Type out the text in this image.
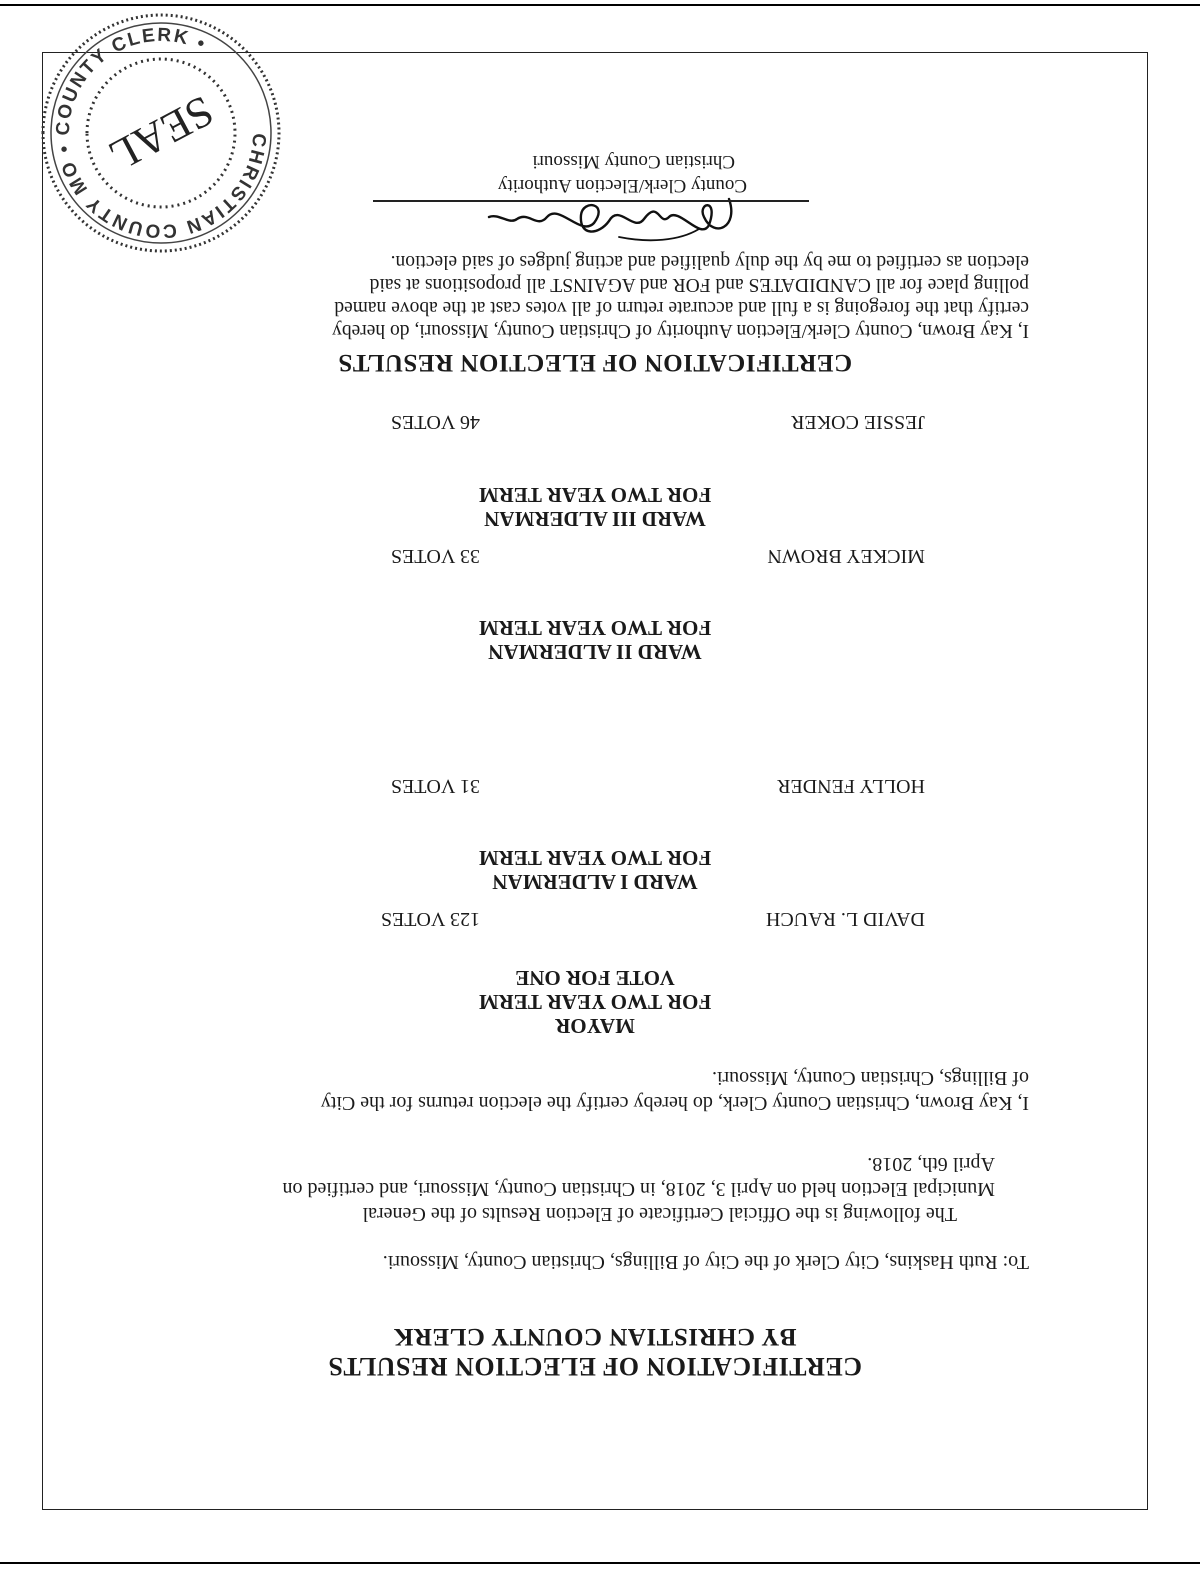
CERTIFICATION OF ELECTION RESULTS
BY CHRISTIAN COUNTY CLERK
To: Ruth Haskins, City Clerk of the City of Billings, Christian County, Missouri.
The following is the Official Certificate of Election Results of the General
Municipal Election held on April 3, 2018, in Christian County, Missouri, and certified on
April 6th, 2018.
I, Kay Brown, Christian County Clerk, do hereby certify the election returns for the City
of Billings, Christian County, Missouri.
MAYOR
FOR TWO YEAR TERM
VOTE FOR ONE
DAVID L. RAUCH
123 VOTES
WARD I ALDERMAN
FOR TWO YEAR TERM
HOLLY FENDER
31 VOTES
WARD II ALDERMAN
FOR TWO YEAR TERM
MICKEY BROWN
33 VOTES
WARD III ALDERMAN
FOR TWO YEAR TERM
JESSIE COKER
46 VOTES
CERTIFICATION OF ELECTION RESULTS
I, Kay Brown, County Clerk/Election Authority of Christian County, Missouri, do hereby
certify that the foregoing is a full and accurate return of all votes cast at the above named
polling place for all CANDIDATES and FOR and AGAINST all propositions at said
election as certified to me by the duly qualified and acting judges of said election.
County Clerk/Election Authority
Christian County Missouri
CHRISTIAN COUNTY MO • COUNTY CLERK •
SEAL
